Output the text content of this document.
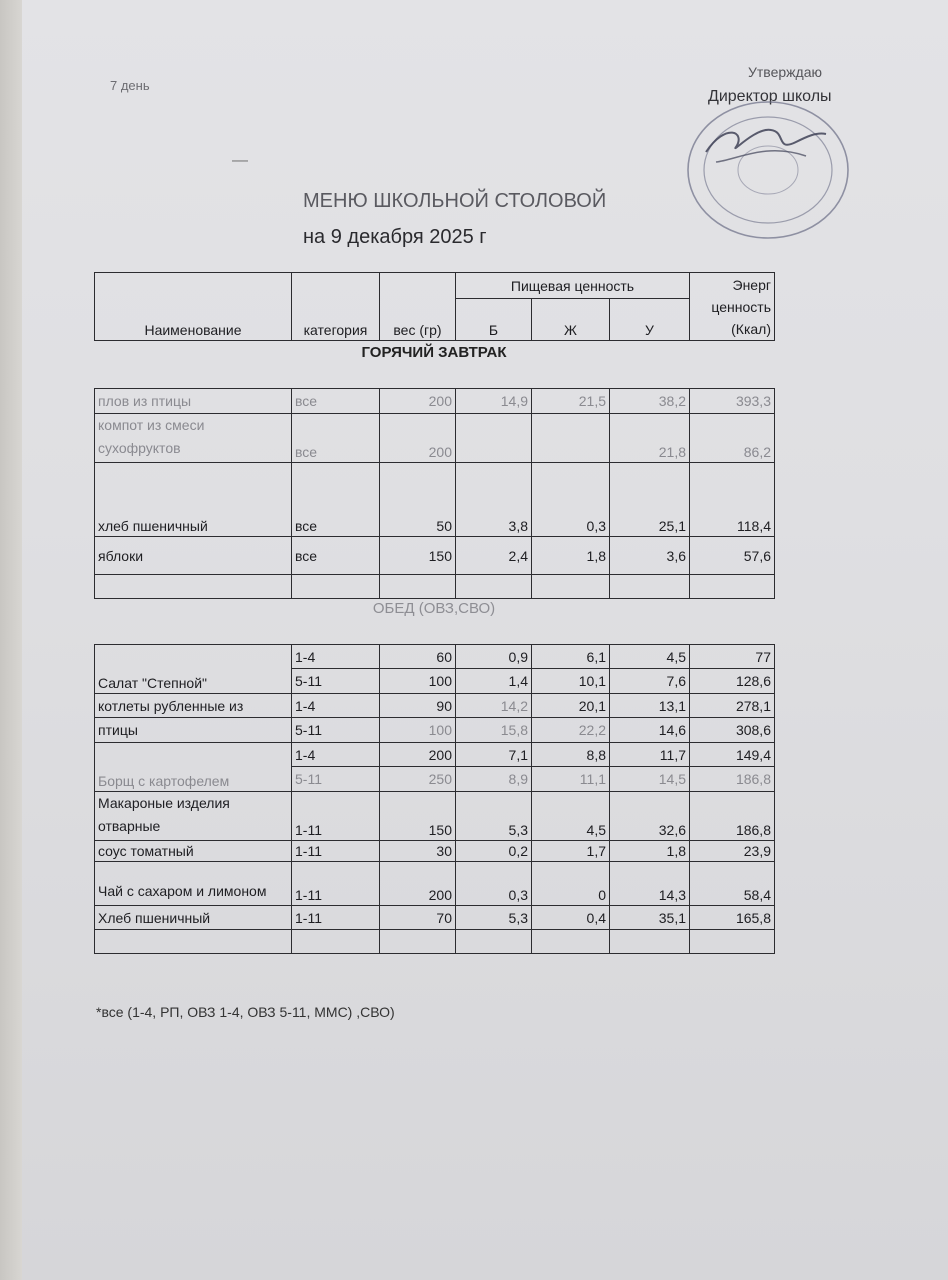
7 день
Утверждаю
Директор школы
—
МЕНЮ ШКОЛЬНОЙ СТОЛОВОЙ
на 9 декабря 2025 г
Наименование	категория	вес (гр)	Пищевая ценность			Энерг ценность (Ккал)
			Б	Ж	У	
ГОРЯЧИЙ ЗАВТРАК
плов из птицы	все	200	14,9	21,5	38,2	393,3
компот из смеси сухофруктов	все	200			21,8	86,2
хлеб пшеничный	все	50	3,8	0,3	25,1	118,4
яблоки	все	150	2,4	1,8	3,6	57,6

ОБЕД (ОВЗ,СВО)
Салат "Степной"	1-4	60	0,9	6,1	4,5	77
	5-11	100	1,4	10,1	7,6	128,6
котлеты рубленные из	1-4	90	14,2	20,1	13,1	278,1
птицы	5-11	100	15,8	22,2	14,6	308,6
Борщ с картофелем	1-4	200	7,1	8,8	11,7	149,4
	5-11	250	8,9	11,1	14,5	186,8
Макароные изделия отварные	1-11	150	5,3	4,5	32,6	186,8
соус томатный	1-11	30	0,2	1,7	1,8	23,9
Чай с сахаром и лимоном	1-11	200	0,3	0	14,3	58,4
Хлеб пшеничный	1-11	70	5,3	0,4	35,1	165,8

*все (1-4, РП, ОВЗ 1-4, ОВЗ 5-11, ММС) ,СВО)
